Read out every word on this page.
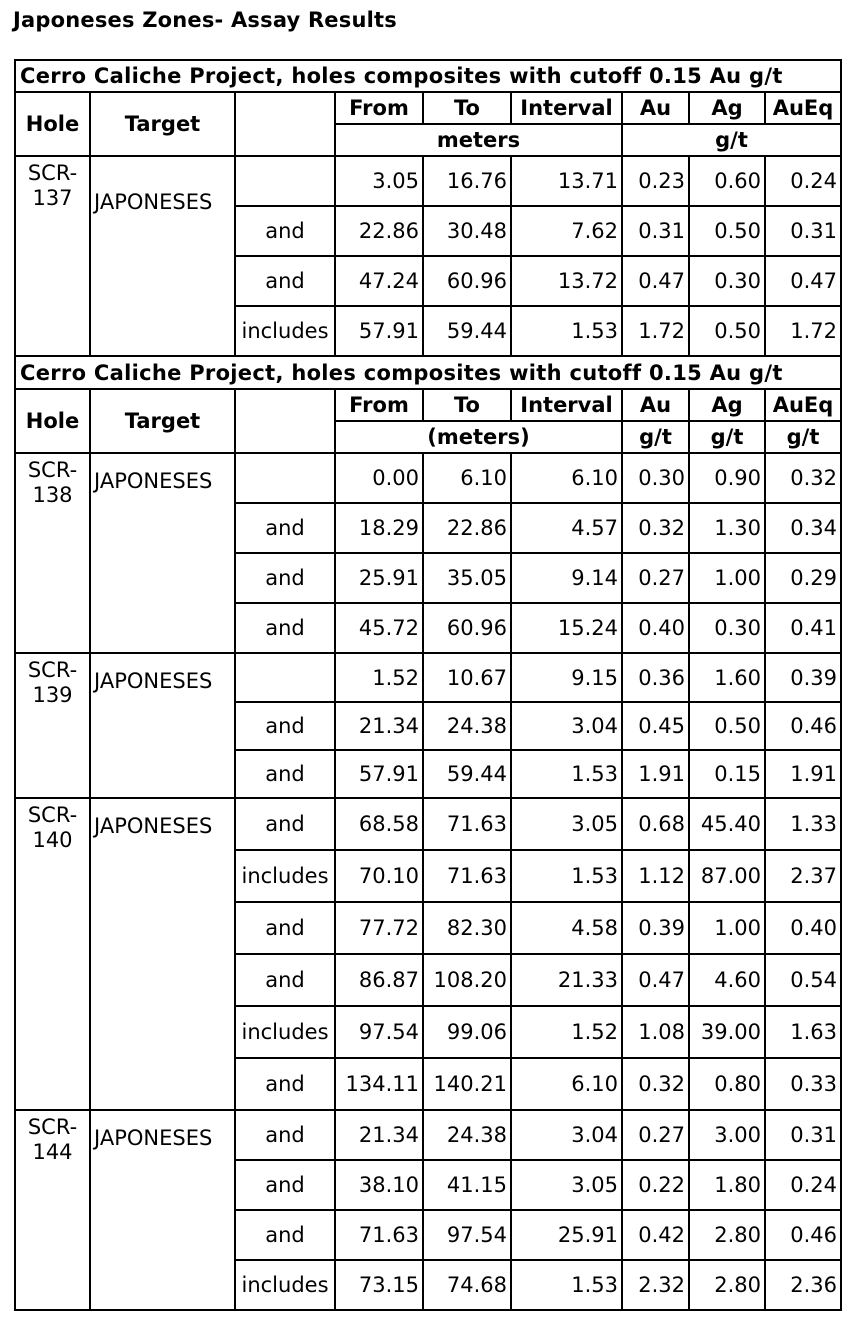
Japoneses Zones- Assay Results
Cerro Caliche Project, holes composites with cutoff 0.15 Au g/t								
Hole	Target		From	To	Interval	Au	Ag	AuEq
			meters			g/t		
SCR-
137	JAPONESES		3.05	16.76	13.71	0.23	0.60	0.24
		and	22.86	30.48	7.62	0.31	0.50	0.31
		and	47.24	60.96	13.72	0.47	0.30	0.47
		includes	57.91	59.44	1.53	1.72	0.50	1.72
Cerro Caliche Project, holes composites with cutoff 0.15 Au g/t								
Hole	Target		From	To	Interval	Au	Ag	AuEq
			(meters)			g/t	g/t	g/t
SCR-
138	JAPONESES		0.00	6.10	6.10	0.30	0.90	0.32
		and	18.29	22.86	4.57	0.32	1.30	0.34
		and	25.91	35.05	9.14	0.27	1.00	0.29
		and	45.72	60.96	15.24	0.40	0.30	0.41
SCR-
139	JAPONESES		1.52	10.67	9.15	0.36	1.60	0.39
		and	21.34	24.38	3.04	0.45	0.50	0.46
		and	57.91	59.44	1.53	1.91	0.15	1.91
SCR-
140	JAPONESES	and	68.58	71.63	3.05	0.68	45.40	1.33
		includes	70.10	71.63	1.53	1.12	87.00	2.37
		and	77.72	82.30	4.58	0.39	1.00	0.40
		and	86.87	108.20	21.33	0.47	4.60	0.54
		includes	97.54	99.06	1.52	1.08	39.00	1.63
		and	134.11	140.21	6.10	0.32	0.80	0.33
SCR-
144	JAPONESES	and	21.34	24.38	3.04	0.27	3.00	0.31
		and	38.10	41.15	3.05	0.22	1.80	0.24
		and	71.63	97.54	25.91	0.42	2.80	0.46
		includes	73.15	74.68	1.53	2.32	2.80	2.36
